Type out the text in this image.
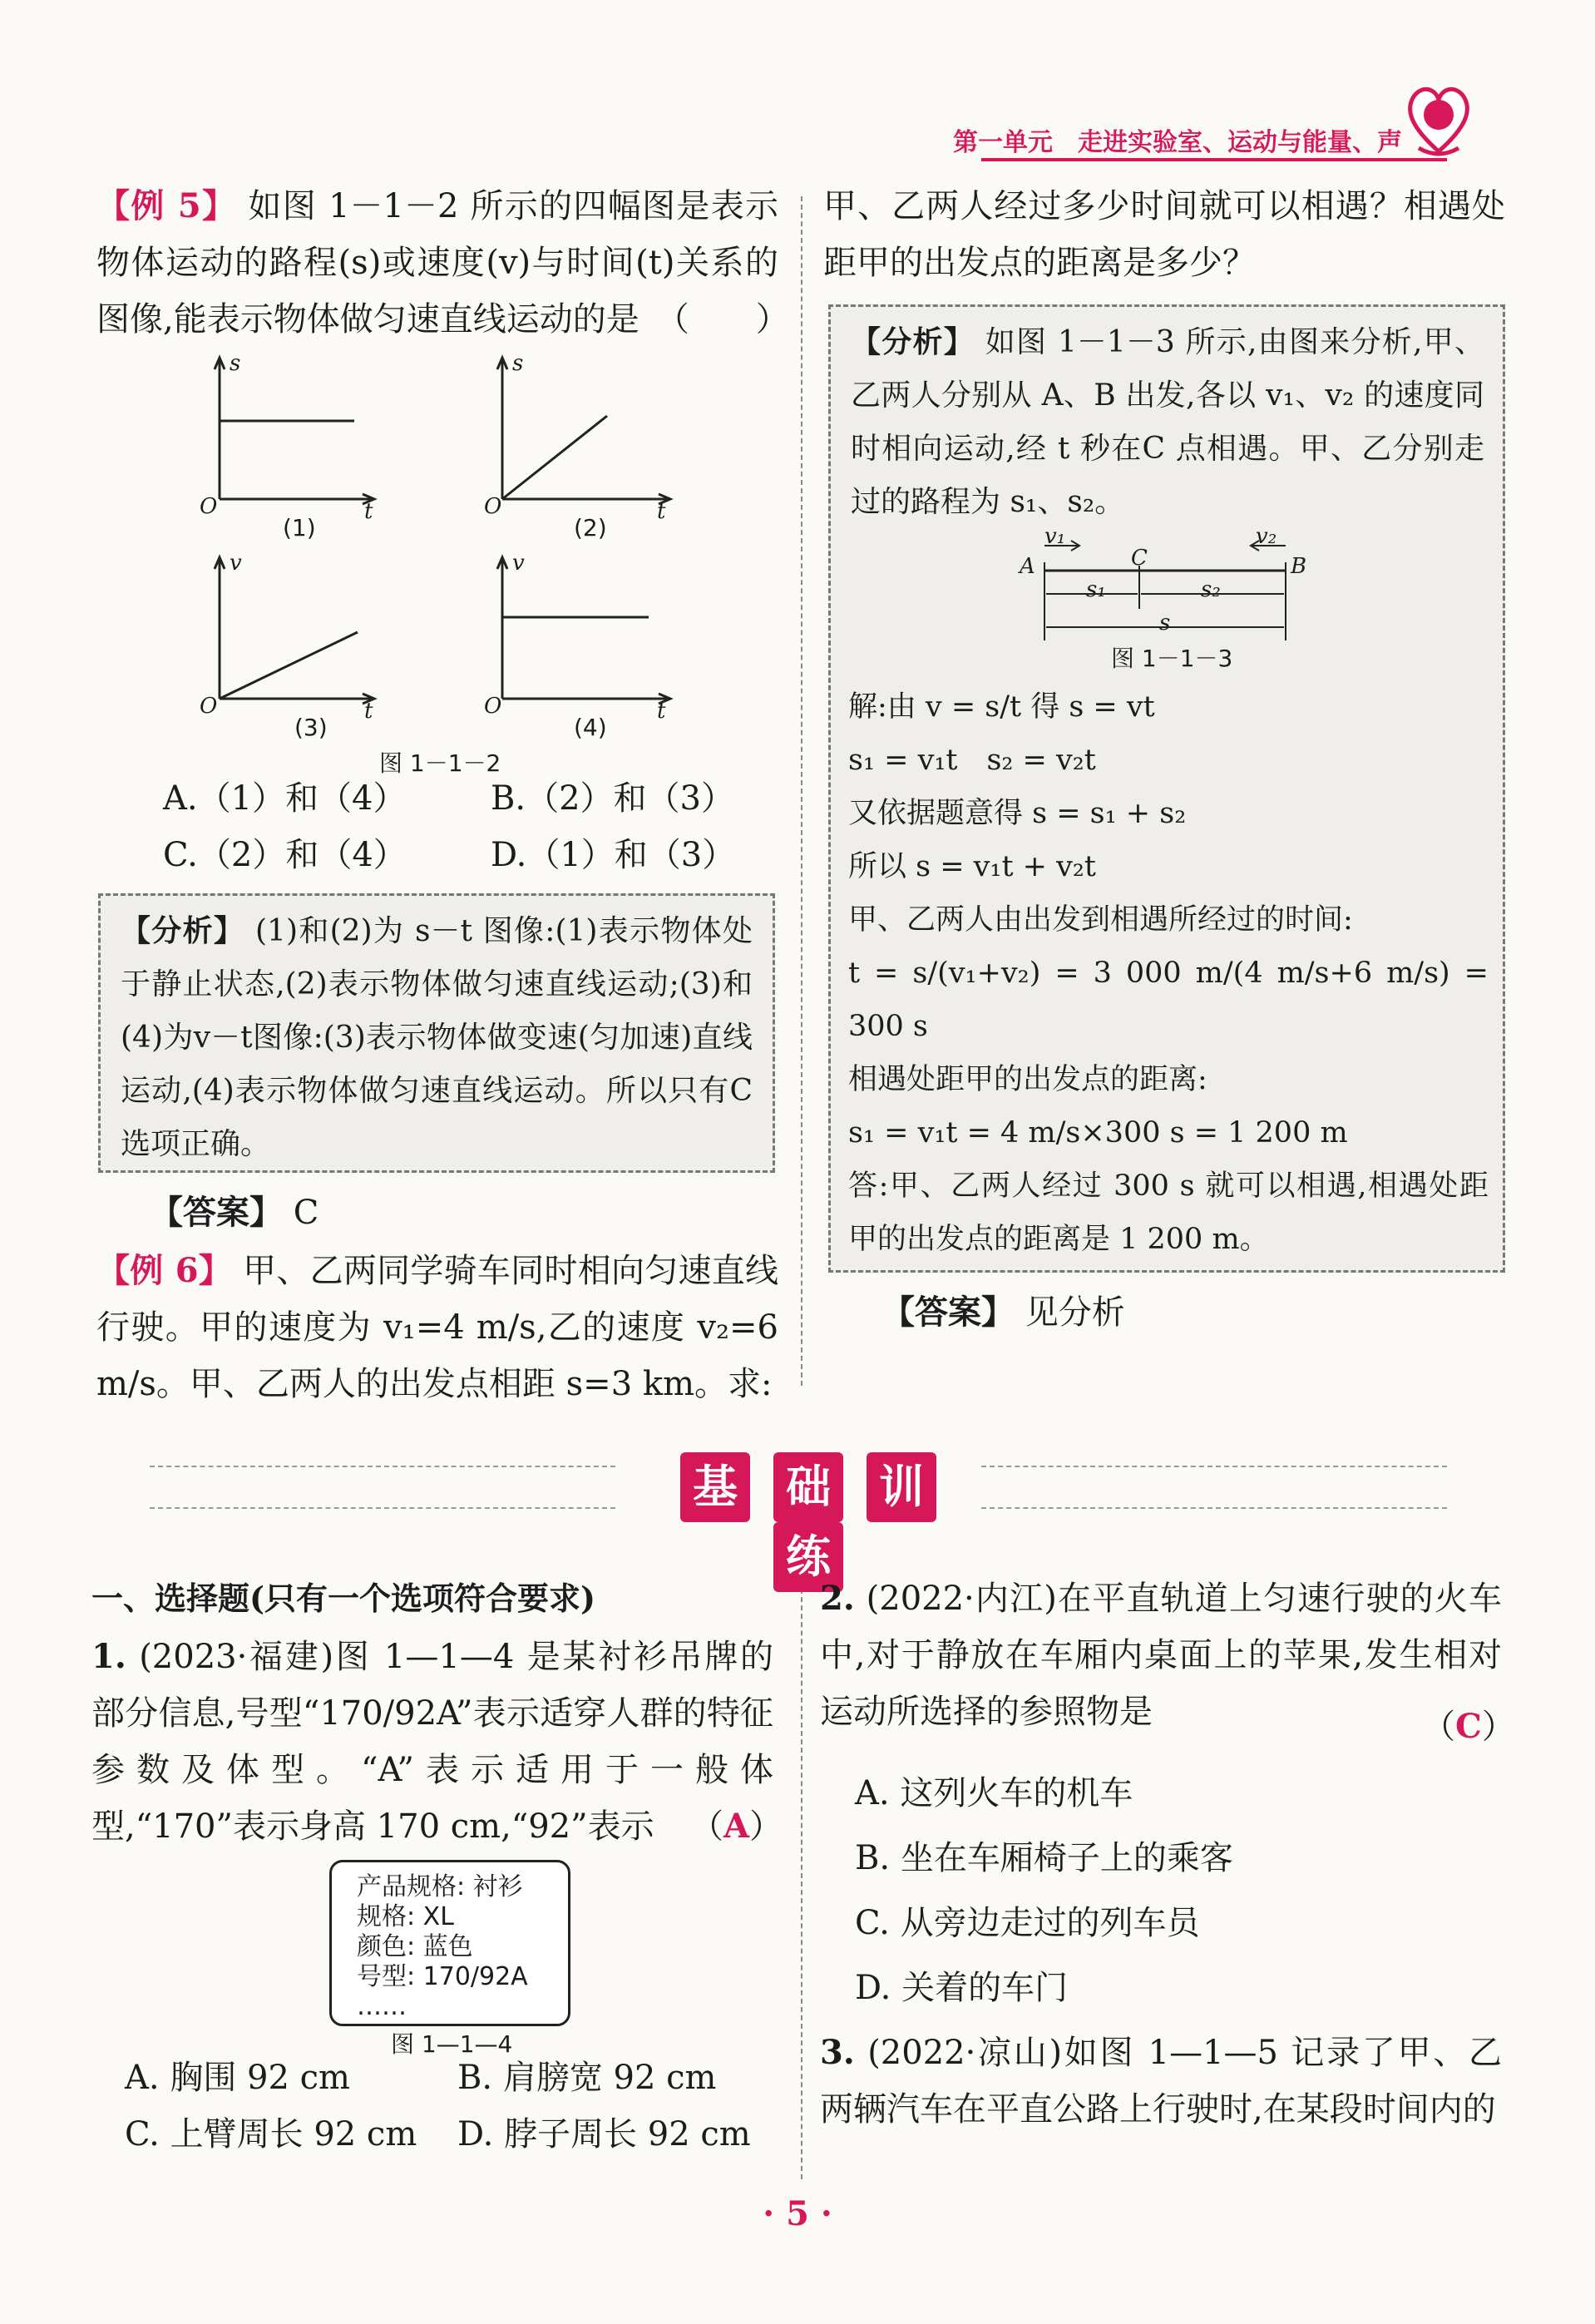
第一单元　走进实验室、运动与能量、声
【例 5】 如图 1－1－2 所示的四幅图是表示物体运动的路程(s)或速度(v)与时间(t)关系的图像,能表示物体做匀速直线运动的是　（　　）
s
t
O
(1)
s
t
O
(2)
v
t
O
(3)
v
t
O
(4)
图 1－1－2
A.（1）和（4）	B.（2）和（3）
C.（2）和（4）	D.（1）和（3）
【分析】 (1)和(2)为 s－t 图像:(1)表示物体处于静止状态,(2)表示物体做匀速直线运动;(3)和(4)为v－t图像:(3)表示物体做变速(匀加速)直线运动,(4)表示物体做匀速直线运动。所以只有C选项正确。
【答案】 C
【例 6】 甲、乙两同学骑车同时相向匀速直线行驶。甲的速度为 v₁=4 m/s,乙的速度 v₂=6 m/s。甲、乙两人的出发点相距 s=3 km。求:
甲、乙两人经过多少时间就可以相遇？相遇处距甲的出发点的距离是多少？
【分析】 如图 1－1－3 所示,由图来分析,甲、乙两人分别从 A、B 出发,各以 v₁、v₂ 的速度同时相向运动,经 t 秒在C 点相遇。甲、乙分别走过的路程为 s₁、s₂。
v₁	v₂
A	C	B
s₁	s₂
s
图 1－1－3
解:由 v = s/t 得 s = vt
s₁ = v₁t　s₂ = v₂t
又依据题意得 s = s₁ + s₂
所以 s = v₁t + v₂t
甲、乙两人由出发到相遇所经过的时间:
t = s/(v₁+v₂) = 3 000 m/(4 m/s+6 m/s) = 300 s
相遇处距甲的出发点的距离:
s₁ = v₁t = 4 m/s×300 s = 1 200 m
答:甲、乙两人经过 300 s 就可以相遇,相遇处距甲的出发点的距离是 1 200 m。
【答案】 见分析
基 础 训练
一、选择题(只有一个选项符合要求)
1. (2023·福建)图 1—1—4 是某衬衫吊牌的部分信息,号型“170/92A”表示适穿人群的特征参数及体型。“A”表示适用于一般体型,“170”表示身高 170 cm,“92”表示	（A）
产品规格: 衬衫
规格: XL
颜色: 蓝色
号型: 170/92A
……
图 1—1—4
A. 胸围 92 cm	B. 肩膀宽 92 cm
C. 上臂周长 92 cm D. 脖子周长 92 cm
2. (2022·内江)在平直轨道上匀速行驶的火车中,对于静放在车厢内桌面上的苹果,发生相对运动所选择的参照物是	（C）
A. 这列火车的机车
B. 坐在车厢椅子上的乘客
C. 从旁边走过的列车员
D. 关着的车门
3. (2022·凉山)如图 1—1—5 记录了甲、乙两辆汽车在平直公路上行驶时,在某段时间内的
· 5 ·
